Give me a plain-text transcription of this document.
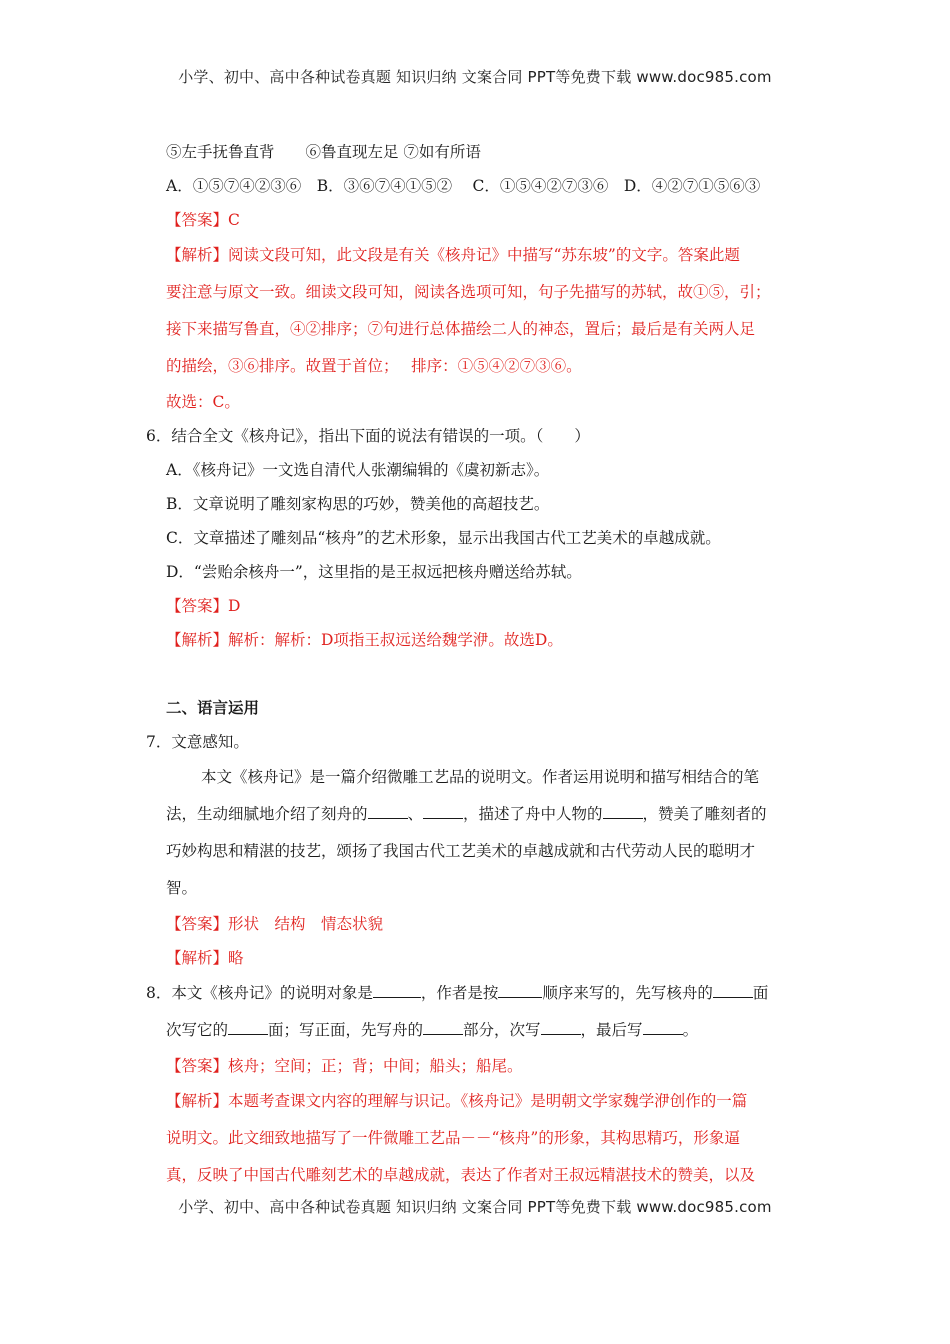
小学、初中、高中各种试卷真题 知识归纳 文案合同 PPT等免费下载 www.doc985.com
⑤左手抚鲁直背　　⑥鲁直现左足 ⑦如有所语
A．①⑤⑦④②③⑥　B．③⑥⑦④①⑤②　 C．①⑤④②⑦③⑥　D．④②⑦①⑤⑥③
【答案】C
【解析】阅读文段可知，此文段是有关《核舟记》中描写“苏东坡”的文字。答案此题
要注意与原文一致。细读文段可知，阅读各选项可知，句子先描写的苏轼，故①⑤，引；
接下来描写鲁直，④②排序；⑦句进行总体描绘二人的神态，置后；最后是有关两人足
的描绘，③⑥排序。故置于首位；　 排序：①⑤④②⑦③⑥。
故选：C。
6．结合全文《核舟记》，指出下面的说法有错误的一项。（　　）
A．《核舟记》一文选自清代人张潮编辑的《虞初新志》。
B．文章说明了雕刻家构思的巧妙，赞美他的高超技艺。
C．文章描述了雕刻品“核舟”的艺术形象，显示出我国古代工艺美术的卓越成就。
D．“尝贻余核舟一”，这里指的是王叔远把核舟赠送给苏轼。
【答案】D
【解析】解析：解析：D项指王叔远送给魏学洢。故选D。
二、语言运用
7．文意感知。
本文《核舟记》是一篇介绍微雕工艺品的说明文。作者运用说明和描写相结合的笔
法，生动细腻地介绍了刻舟的	、	，描述了舟中人物的	，赞美了雕刻者的
巧妙构思和精湛的技艺，颂扬了我国古代工艺美术的卓越成就和古代劳动人民的聪明才
智。
【答案】形状　结构　情态状貌
【解析】略
8．本文《核舟记》的说明对象是	，作者是按	顺序来写的，先写核舟的	面
次写它的	面；写正面，先写舟的	部分，次写	，最后写	。
【答案】核舟；空间；正；背；中间；船头；船尾。
【解析】本题考查课文内容的理解与识记。《核舟记》是明朝文学家魏学洢创作的一篇
说明文。此文细致地描写了一件微雕工艺品－－“核舟”的形象，其构思精巧，形象逼
真，反映了中国古代雕刻艺术的卓越成就，表达了作者对王叔远精湛技术的赞美，以及
小学、初中、高中各种试卷真题 知识归纳 文案合同 PPT等免费下载 www.doc985.com
